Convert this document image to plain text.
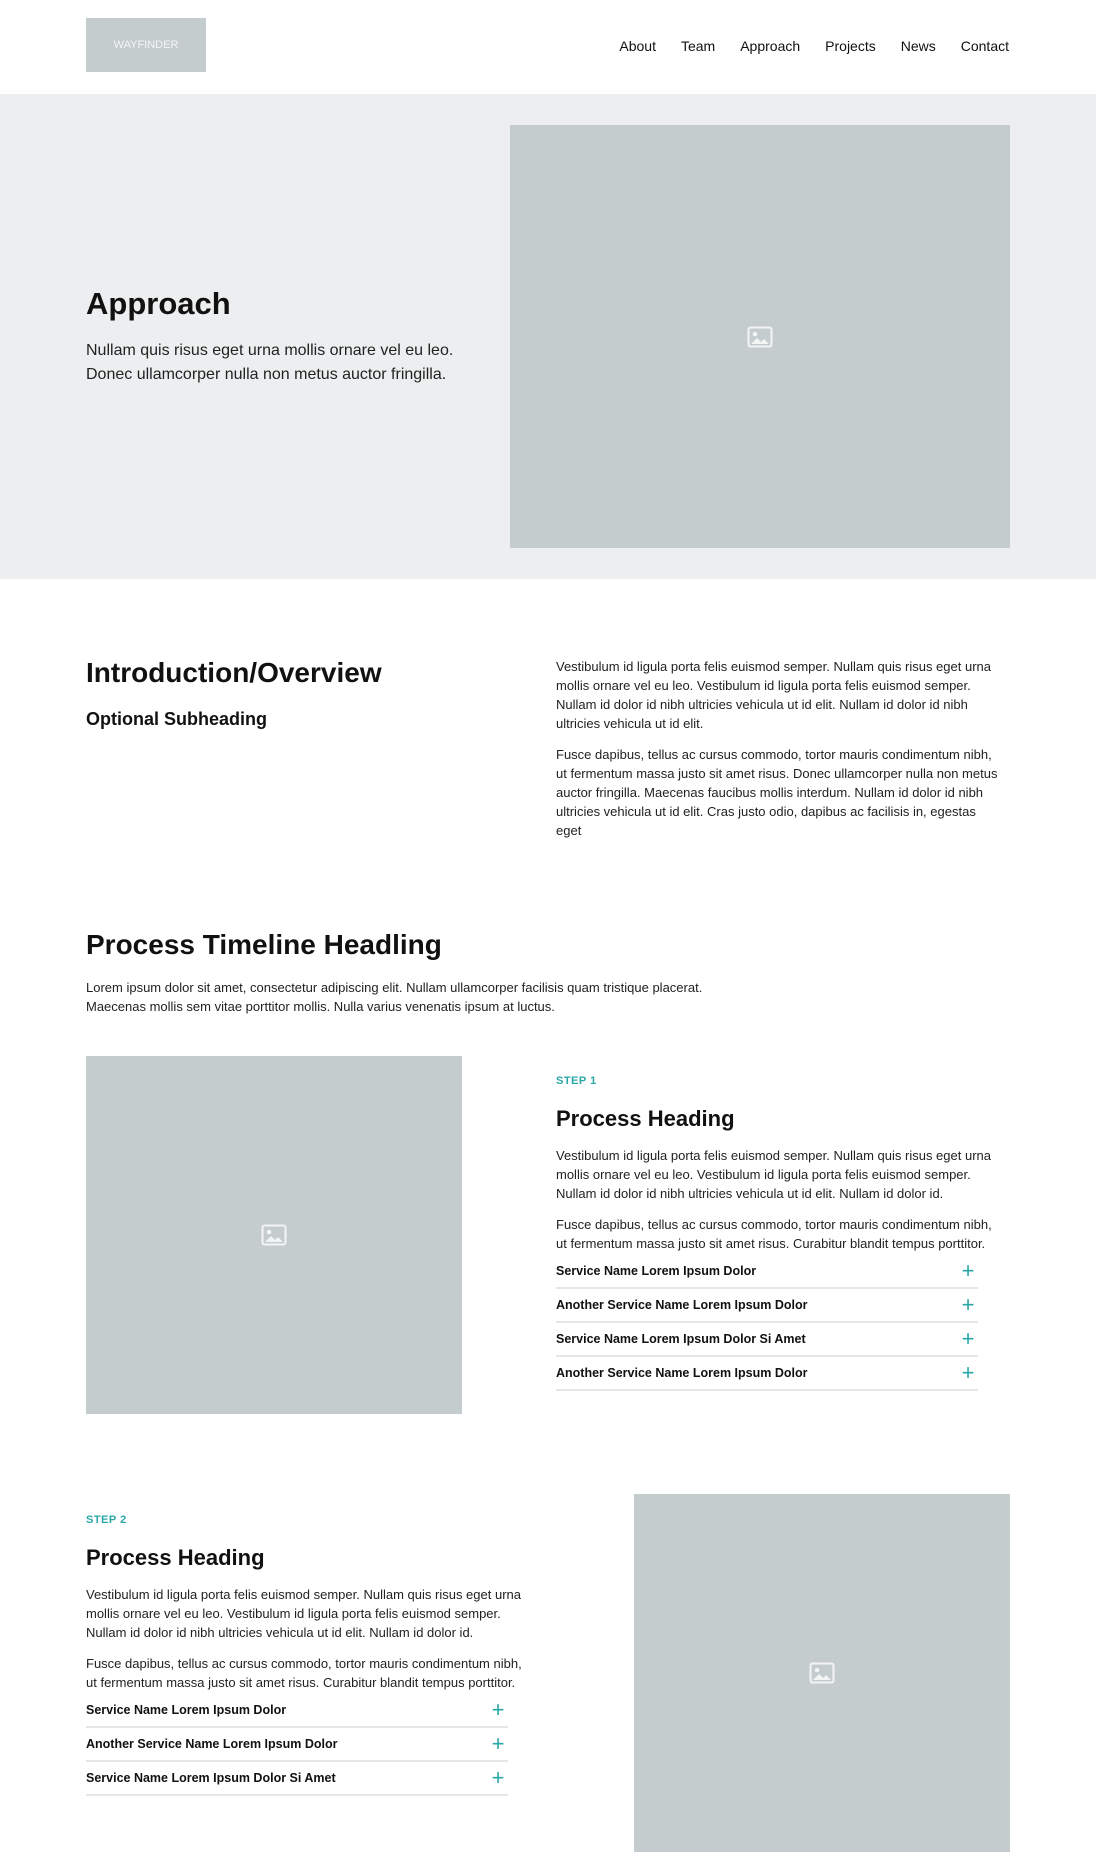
WAYFINDER	About Team Approach Projects News Contact
Approach

Nullam quis risus eget urna mollis ornare vel eu leo. Donec ullamcorper nulla non metus auctor fringilla.

Introduction/Overview
Optional Subheading

Vestibulum id ligula porta felis euismod semper. Nullam quis risus eget urna mollis ornare vel eu leo. Vestibulum id ligula porta felis euismod semper. Nullam id dolor id nibh ultricies vehicula ut id elit. Nullam id dolor id nibh ultricies vehicula ut id elit.

Fusce dapibus, tellus ac cursus commodo, tortor mauris condimentum nibh, ut fermentum massa justo sit amet risus. Donec ullamcorper nulla non metus auctor fringilla. Maecenas faucibus mollis interdum. Nullam id dolor id nibh ultricies vehicula ut id elit. Cras justo odio, dapibus ac facilisis in, egestas eget

Process Timeline Headling

Lorem ipsum dolor sit amet, consectetur adipiscing elit. Nullam ullamcorper facilisis quam tristique placerat. Maecenas mollis sem vitae porttitor mollis. Nulla varius venenatis ipsum at luctus.

STEP 1
Process Heading

Vestibulum id ligula porta felis euismod semper. Nullam quis risus eget urna mollis ornare vel eu leo. Vestibulum id ligula porta felis euismod semper. Nullam id dolor id nibh ultricies vehicula ut id elit. Nullam id dolor id.

Fusce dapibus, tellus ac cursus commodo, tortor mauris condimentum nibh, ut fermentum massa justo sit amet risus. Curabitur blandit tempus porttitor.

Service Name Lorem Ipsum Dolor	+
Another Service Name Lorem Ipsum Dolor	+
Service Name Lorem Ipsum Dolor Si Amet	+
Another Service Name Lorem Ipsum Dolor	+
STEP 2
Process Heading

Vestibulum id ligula porta felis euismod semper. Nullam quis risus eget urna mollis ornare vel eu leo. Vestibulum id ligula porta felis euismod semper. Nullam id dolor id nibh ultricies vehicula ut id elit. Nullam id dolor id.

Fusce dapibus, tellus ac cursus commodo, tortor mauris condimentum nibh, ut fermentum massa justo sit amet risus. Curabitur blandit tempus porttitor.

Service Name Lorem Ipsum Dolor	+
Another Service Name Lorem Ipsum Dolor	+
Service Name Lorem Ipsum Dolor Si Amet	+
